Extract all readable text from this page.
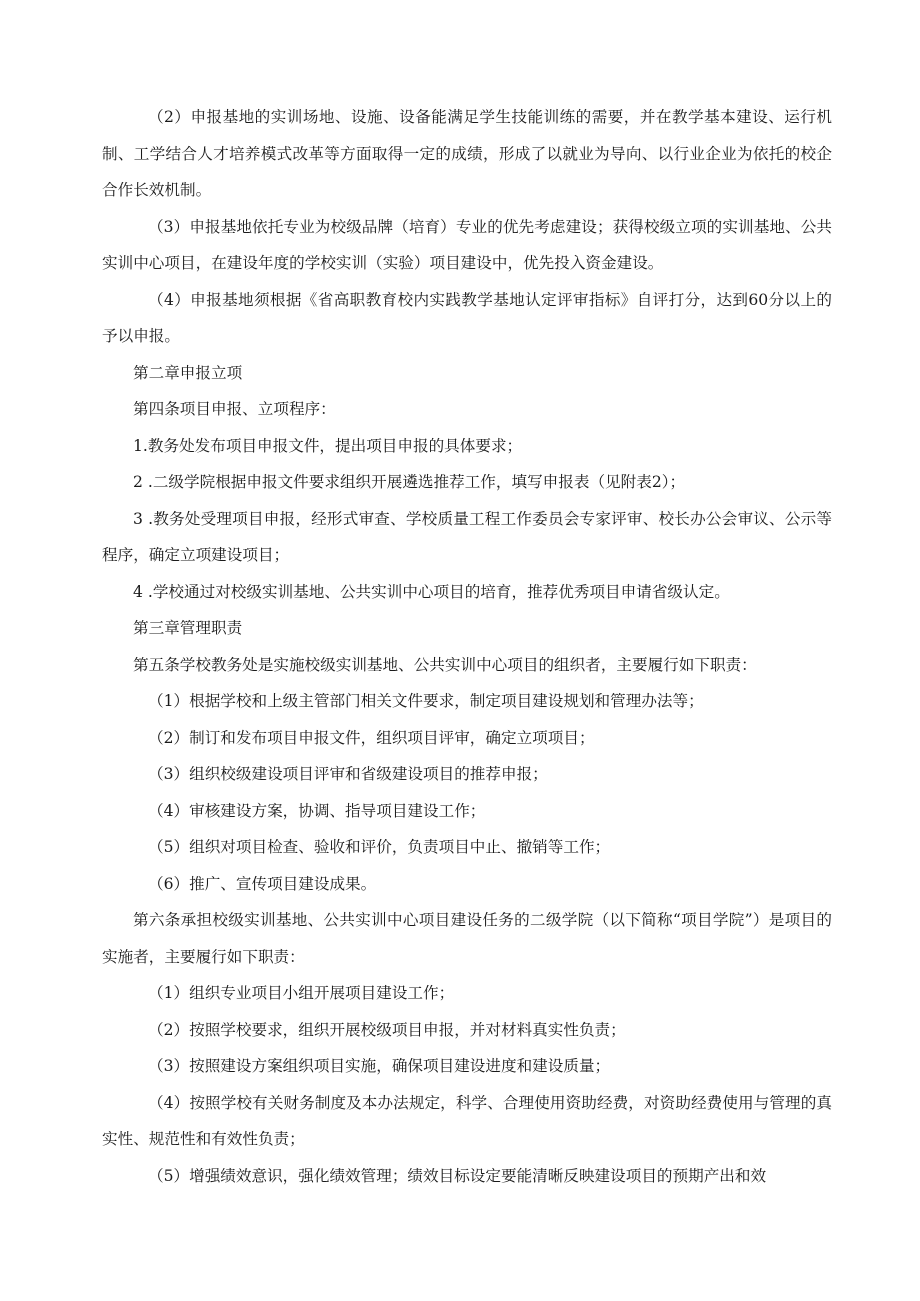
（2）申报基地的实训场地、设施、设备能满足学生技能训练的需要，并在教学基本建设、运行机制、工学结合人才培养模式改革等方面取得一定的成绩，形成了以就业为导向、以行业企业为依托的校企合作长效机制。

（3）申报基地依托专业为校级品牌（培育）专业的优先考虑建设；获得校级立项的实训基地、公共实训中心项目，在建设年度的学校实训（实验）项目建设中，优先投入资金建设。

（4）申报基地须根据《省高职教育校内实践教学基地认定评审指标》自评打分，达到60分以上的予以申报。

第二章申报立项

第四条项目申报、立项程序：

1.教务处发布项目申报文件，提出项目申报的具体要求；

2 .二级学院根据申报文件要求组织开展遴选推荐工作，填写申报表（见附表2）；

3 .教务处受理项目申报，经形式审查、学校质量工程工作委员会专家评审、校长办公会审议、公示等程序，确定立项建设项目；

4 .学校通过对校级实训基地、公共实训中心项目的培育，推荐优秀项目申请省级认定。

第三章管理职责

第五条学校教务处是实施校级实训基地、公共实训中心项目的组织者，主要履行如下职责：

（1）根据学校和上级主管部门相关文件要求，制定项目建设规划和管理办法等；

（2）制订和发布项目申报文件，组织项目评审，确定立项项目；

（3）组织校级建设项目评审和省级建设项目的推荐申报；

（4）审核建设方案，协调、指导项目建设工作；

（5）组织对项目检查、验收和评价，负责项目中止、撤销等工作；

（6）推广、宣传项目建设成果。

第六条承担校级实训基地、公共实训中心项目建设任务的二级学院（以下简称“项目学院”）是项目的实施者，主要履行如下职责：

（1）组织专业项目小组开展项目建设工作；

（2）按照学校要求，组织开展校级项目申报，并对材料真实性负责；

（3）按照建设方案组织项目实施，确保项目建设进度和建设质量；

（4）按照学校有关财务制度及本办法规定，科学、合理使用资助经费，对资助经费使用与管理的真实性、规范性和有效性负责；

（5）增强绩效意识，强化绩效管理；绩效目标设定要能清晰反映建设项目的预期产出和效
